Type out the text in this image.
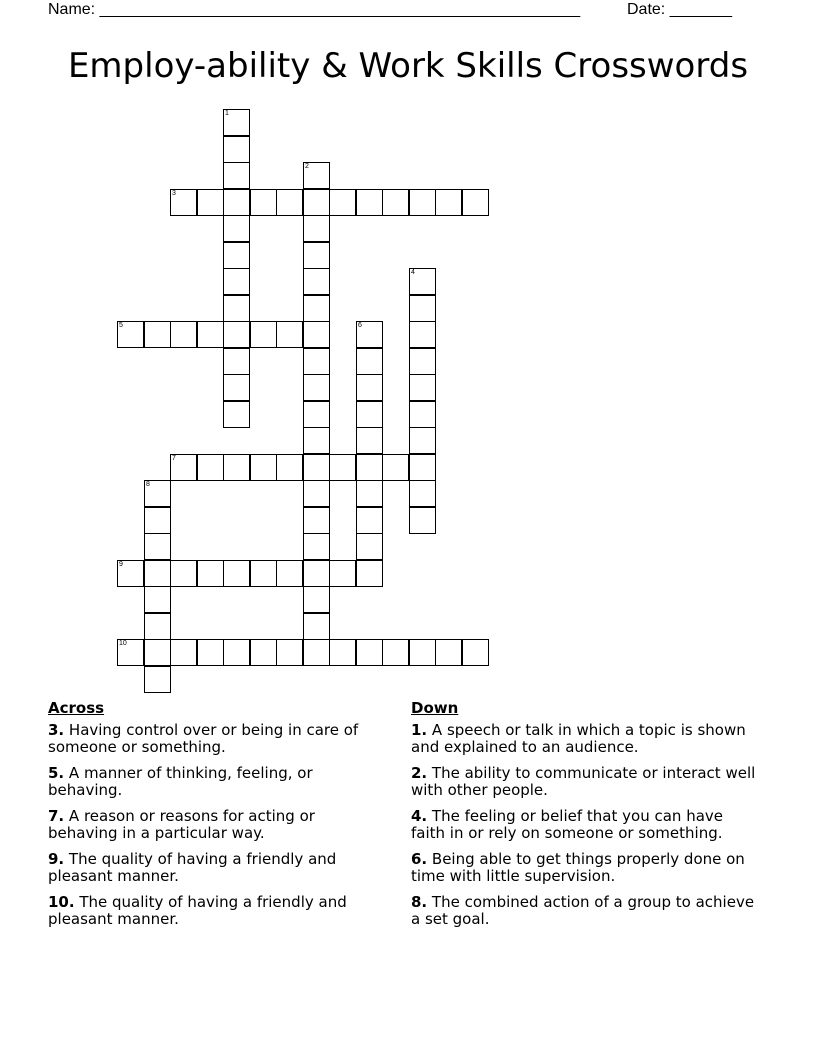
Name: ______________________________________________________	Date: _______
Employ-ability & Work Skills Crosswords
1
2
3
4
5	6
7
8
9
10
Across
3. Having control over or being in care of someone or something.
5. A manner of thinking, feeling, or behaving.
7. A reason or reasons for acting or behaving in a particular way.
9. The quality of having a friendly and pleasant manner.
10. The quality of having a friendly and pleasant manner.
Down
1. A speech or talk in which a topic is shown and explained to an audience.
2. The ability to communicate or interact well with other people.
4. The feeling or belief that you can have faith in or rely on someone or something.
6. Being able to get things properly done on time with little supervision.
8. The combined action of a group to achieve a set goal.
